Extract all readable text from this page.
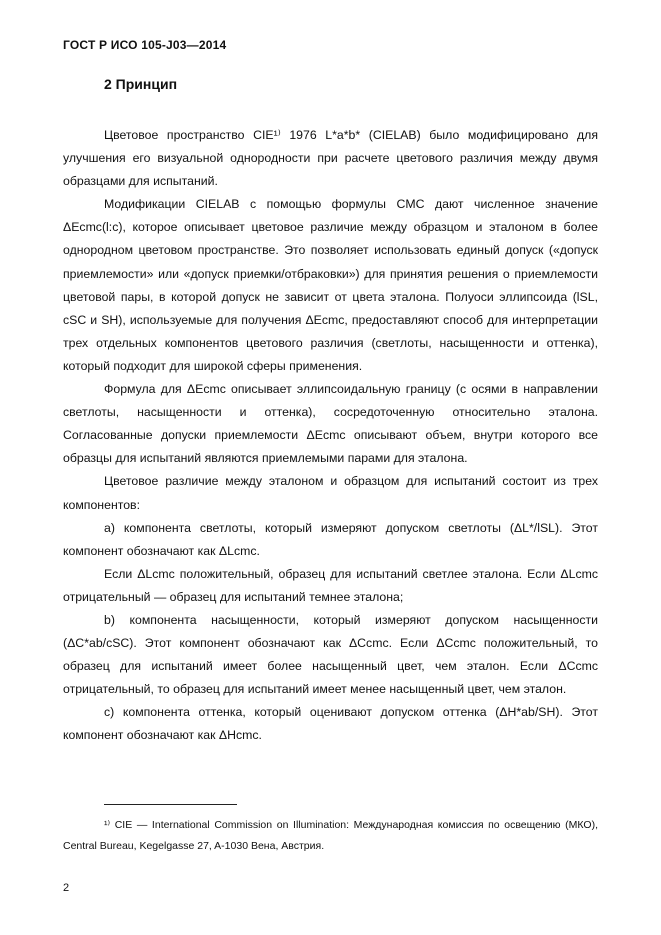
ГОСТ Р ИСО 105-J03—2014
2 Принцип

Цветовое пространство CIE¹⁾ 1976 L*a*b* (CIELAB) было модифицировано для улучшения его визуальной однородности при расчете цветового различия между двумя образцами для испытаний.

Модификации CIELAB с помощью формулы CMC дают численное значение ΔEcmc(l:c), которое описывает цветовое различие между образцом и эталоном в более однородном цветовом пространстве. Это позволяет использовать единый допуск («допуск приемлемости» или «допуск приемки/отбраковки») для принятия решения о приемлемости цветовой пары, в которой допуск не зависит от цвета эталона. Полуоси эллипсоида (lSL, cSC и SH), используемые для получения ΔEcmc, предоставляют способ для интерпретации трех отдельных компонентов цветового различия (светлоты, насыщенности и оттенка), который подходит для широкой сферы применения.

Формула для ΔEcmc описывает эллипсоидальную границу (с осями в направлении светлоты, насыщенности и оттенка), сосредоточенную относительно эталона. Согласованные допуски приемлемости ΔEcmc описывают объем, внутри которого все образцы для испытаний являются приемлемыми парами для эталона.

Цветовое различие между эталоном и образцом для испытаний состоит из трех компонентов:

а) компонента светлоты, который измеряют допуском светлоты (ΔL*/lSL). Этот компонент обозначают как ΔLcmc.

Если ΔLcmc положительный, образец для испытаний светлее эталона. Если ΔLcmc отрицательный — образец для испытаний темнее эталона;

b) компонента насыщенности, который измеряют допуском насыщенности (ΔC*ab/cSC). Этот компонент обозначают как ΔCcmc. Если ΔCcmc положительный, то образец для испытаний имеет более насыщенный цвет, чем эталон. Если ΔCcmc отрицательный, то образец для испытаний имеет менее насыщенный цвет, чем эталон.

с) компонента оттенка, который оценивают допуском оттенка (ΔH*ab/SH). Этот компонент обозначают как ΔHcmc.

¹⁾ CIE — International Commission on Illumination: Международная комиссия по освещению (МКО), Central Bureau, Kegelgasse 27, A-1030 Вена, Австрия.
2
